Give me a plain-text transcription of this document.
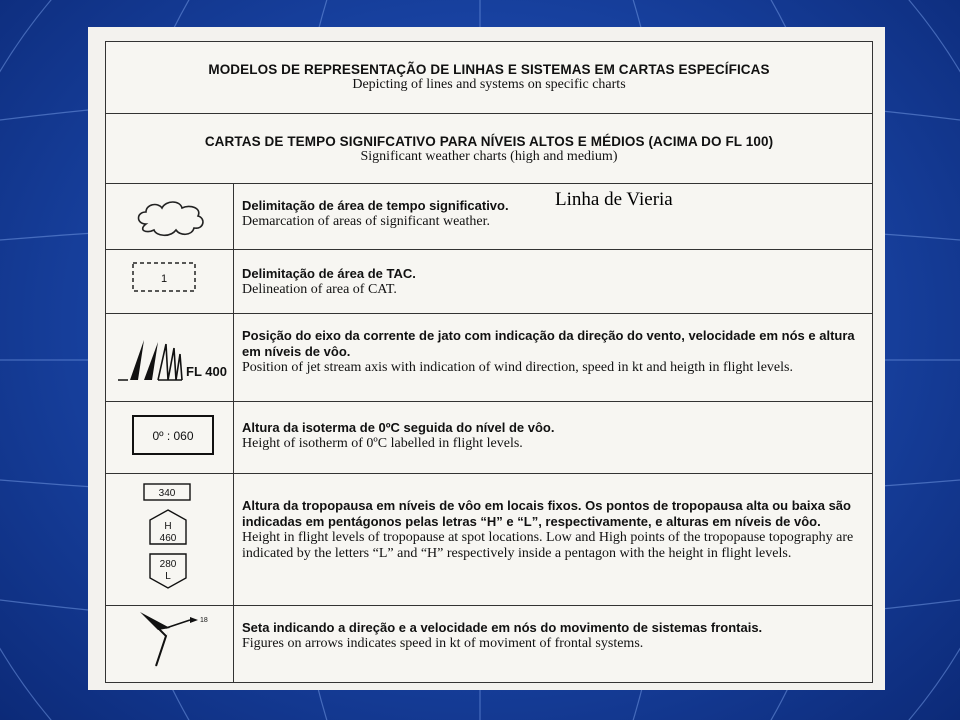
MODELOS DE REPRESENTAÇÃO DE LINHAS E SISTEMAS EM CARTAS ESPECÍFICAS
Depicting of lines and systems on specific charts
CARTAS DE TEMPO SIGNIFCATIVO PARA NÍVEIS ALTOS E MÉDIOS (ACIMA DO FL 100)
Significant weather charts (high and medium)
Delimitação de área de tempo significativo.
Demarcation of areas of significant weather.
1	Delimitação de área de TAC.
Delineation of area of CAT.
FL 400
Posição do eixo da corrente de jato com indicação da direção do vento, velocidade em nós e altura em níveis de vôo.
Position of jet stream axis with indication of wind direction, speed in kt and heigth in flight levels.
0º : 060
Altura da isoterma de 0ºC seguida do nível de vôo.
Height of isotherm of 0ºC labelled in flight levels.
340
H
460
280
L
Altura da tropopausa em níveis de vôo em locais fixos. Os pontos de tropopausa alta ou baixa são indicadas em pentágonos pelas letras “H” e “L”, respectivamente, e alturas em níveis de vôo.
Height in flight levels of tropopause at spot locations. Low and High points of the tropopause topography are indicated by the letters “L” and “H” respectively inside a pentagon with the height in flight levels.
18	Seta indicando a direção e a velocidade em nós do movimento de sistemas frontais.
Figures on arrows indicates speed in kt of moviment of frontal systems.
Linha de Vieria
